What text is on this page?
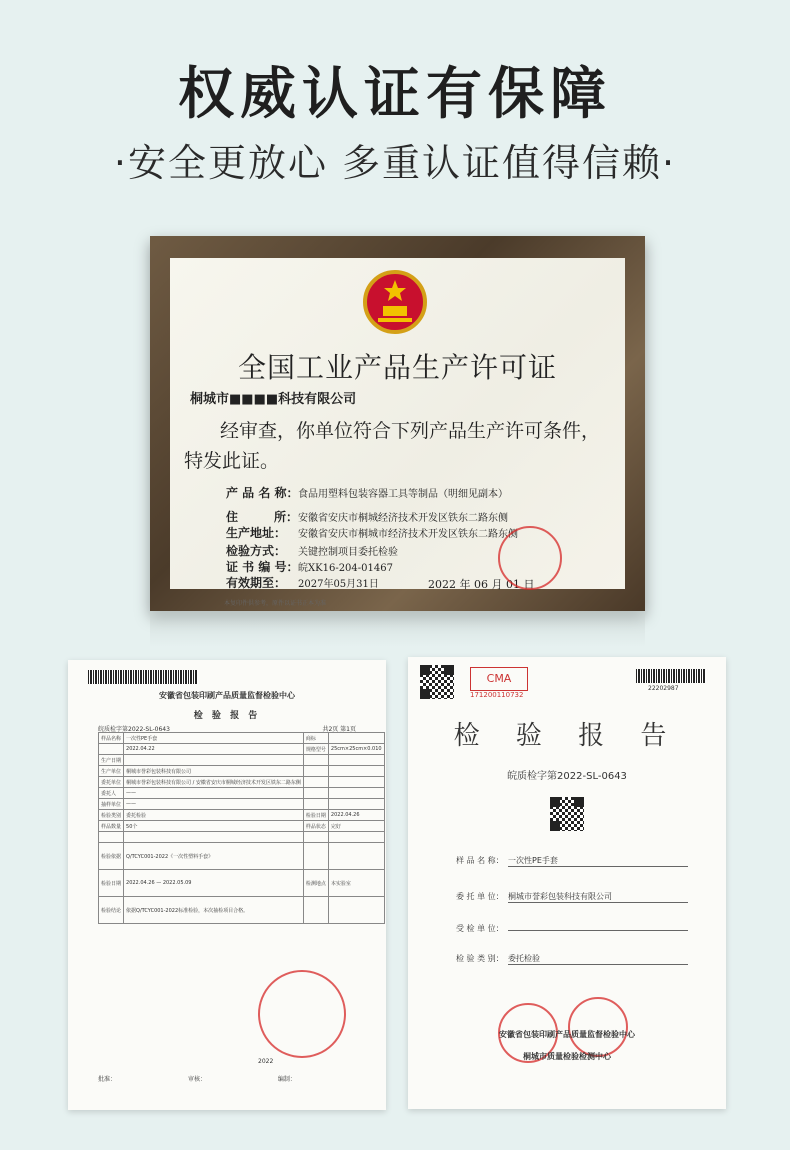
权威认证有保障
·安全更放心 多重认证值得信赖·
全国工业产品生产许可证
桐城市■■■■科技有限公司
经审查，你单位符合下列产品生产许可条件，
特发此证。
产 品 名 称：食品用塑料包装容器工具等制品（明细见副本）
住　　　所：安徽省安庆市桐城经济技术开发区铁东二路东侧
生产地址： 安徽省安庆市桐城市经济技术开发区铁东二路东侧
检验方式： 关键控制项目委托检验
证 书 编 号：皖XK16-204-01467
有效期至： 2027年05月31日	2022 年 06 月 01 日
本复印件供参考，原件以证书正本为准
安徽省包装印刷产品质量监督检验中心
检 验 报 告
皖质检字第2022-SL-0643	共2页 第1页
样品名称	一次性PE手套	商标	
	2022.04.22	规格型号	25cm×25cm×0.010
生产日期			
生产单位	桐城市誉彩包装科技有限公司		
委托单位	桐城市誉彩包装科技有限公司 / 安徽省安庆市桐城经济技术开发区铁东二路东侧		
委托人	——		
抽样单位	——		
检验类别	委托检验	检验日期	2022.04.26
样品数量	50个	样品状态	完好

检验依据	Q/TCYC001-2022《一次性塑料手套》		
检验日期	2022.04.26 — 2022.05.09	检测地点	本实验室
检验结论	依据Q/TCYC001-2022标准检验，本次抽检项目合格。		
2022
批准：	审核：	编制：
CMA
171200110732
22202987
检 验 报 告
皖质检字第2022-SL-0643
样 品 名 称： 一次性PE手套
委 托 单 位： 桐城市誉彩包装科技有限公司
受 检 单 位：
检 验 类 别： 委托检验
安徽省包装印刷产品质量监督检验中心
桐城市质量检验检测中心
